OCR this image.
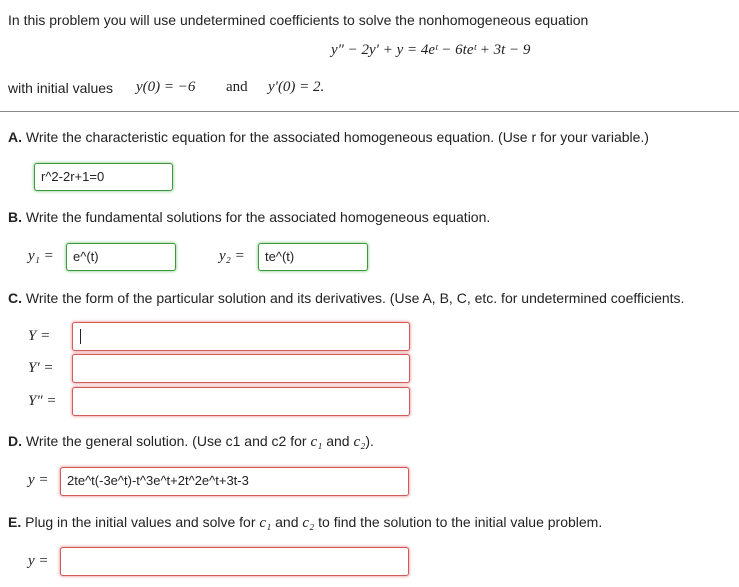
In this problem you will use undetermined coefficients to solve the nonhomogeneous equation
y″ − 2y′ + y = 4eᵗ − 6teᵗ + 3t − 9
with initial values y(0) = −6 and y′(0) = 2.
A. Write the characteristic equation for the associated homogeneous equation. (Use r for your variable.)
r^2-2r+1=0
B. Write the fundamental solutions for the associated homogeneous equation.
y₁ =	e^(t)	y₂ =	te^(t)
C. Write the form of the particular solution and its derivatives. (Use A, B, C, etc. for undetermined coefficients.
Y =
Y′ =
Y″ =
D. Write the general solution. (Use c1 and c2 for c₁ and c₂).
y =	2te^t(-3e^t)-t^3e^t+2t^2e^t+3t-3
E. Plug in the initial values and solve for c₁ and c₂ to find the solution to the initial value problem.
y =
